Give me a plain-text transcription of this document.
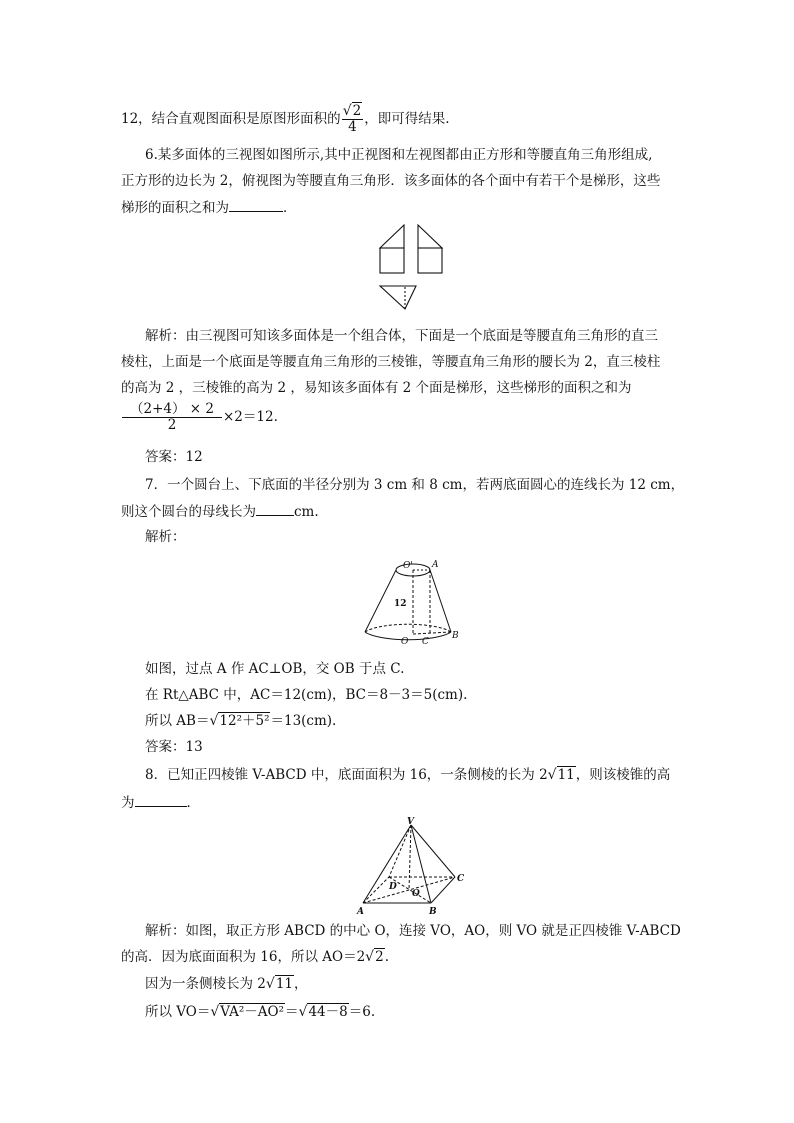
12，结合直观图面积是原图形面积的 $\frac{√2}{4}$ ，即可得结果.
6.某多面体的三视图如图所示,其中正视图和左视图都由正方形和等腰直角三角形组成,
正方形的边长为 2，俯视图为等腰直角三角形．该多面体的各个面中有若干个是梯形，这些
梯形的面积之和为	．
解析：由三视图可知该多面体是一个组合体，下面是一个底面是等腰直角三角形的直三
棱柱，上面是一个底面是等腰直角三角形的三棱锥，等腰直角三角形的腰长为 2，直三棱柱
的高为 2 ，三棱锥的高为 2 ，易知该多面体有 2 个面是梯形，这些梯形的面积之和为
$\frac{(2+4) \times 2}{2} \times 2=12$.
答案：12
7．一个圆台上、下底面的半径分别为 3 cm 和 8 cm，若两底面圆心的连线长为 12 cm，
则这个圆台的母线长为	cm.
解析：
O' A
12
O C
B
如图，过点 A 作 AC⊥OB，交 OB 于点 C.
在 Rt△ABC 中，AC＝12(cm)，BC＝8－3＝5(cm).
所以 AB＝√12²＋5²＝13(cm).
答案：13
8．已知正四棱锥 V-ABCD 中，底面面积为 16，一条侧棱的长为 2√11，则该棱锥的高
为	．
V
A	B
C
D
O
解析：如图，取正方形 ABCD 的中心 O，连接 VO，AO，则 VO 就是正四棱锥 V-ABCD
的高．因为底面面积为 16，所以 AO＝2√2.
因为一条侧棱长为 2√11，
所以 VO＝√VA²－AO²＝√44－8＝6.
